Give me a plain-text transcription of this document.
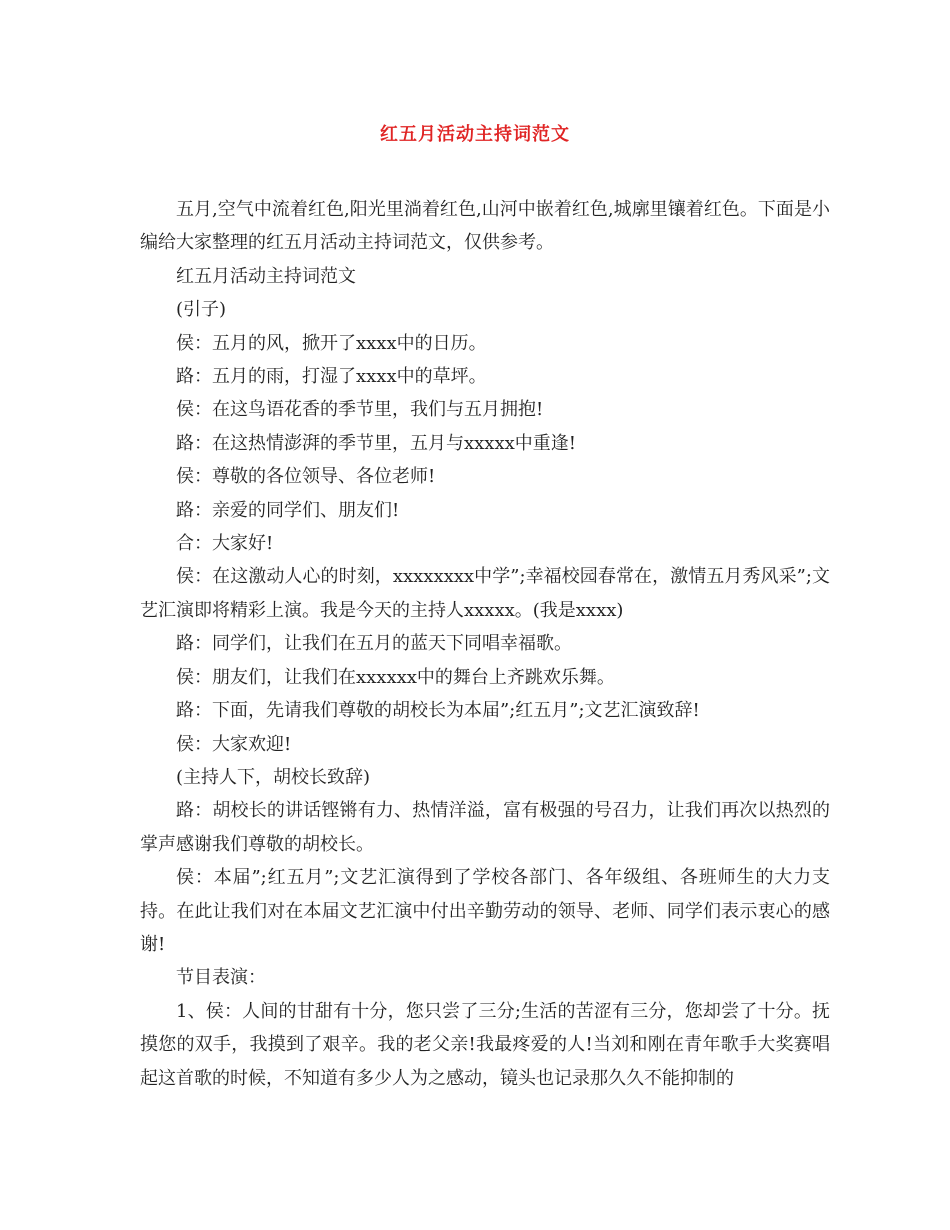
红五月活动主持词范文

五月,空气中流着红色,阳光里淌着红色,山河中嵌着红色,城廓里镶着红色。下面是小编给大家整理的红五月活动主持词范文，仅供参考。

红五月活动主持词范文

(引子)

侯：五月的风，掀开了xxxx中的日历。

路：五月的雨，打湿了xxxx中的草坪。

侯：在这鸟语花香的季节里，我们与五月拥抱!

路：在这热情澎湃的季节里，五月与xxxxx中重逢!

侯：尊敬的各位领导、各位老师!

路：亲爱的同学们、朋友们!

合：大家好!

侯：在这激动人心的时刻，xxxxxxxx中学”;幸福校园春常在，激情五月秀风采”;文艺汇演即将精彩上演。我是今天的主持人xxxxx。(我是xxxx)

路：同学们，让我们在五月的蓝天下同唱幸福歌。

侯：朋友们，让我们在xxxxxx中的舞台上齐跳欢乐舞。

路：下面，先请我们尊敬的胡校长为本届”;红五月”;文艺汇演致辞!

侯：大家欢迎!

(主持人下，胡校长致辞)

路：胡校长的讲话铿锵有力、热情洋溢，富有极强的号召力，让我们再次以热烈的掌声感谢我们尊敬的胡校长。

侯：本届”;红五月”;文艺汇演得到了学校各部门、各年级组、各班师生的大力支持。在此让我们对在本届文艺汇演中付出辛勤劳动的领导、老师、同学们表示衷心的感谢!

节目表演：

1、侯：人间的甘甜有十分，您只尝了三分;生活的苦涩有三分，您却尝了十分。抚摸您的双手，我摸到了艰辛。我的老父亲!我最疼爱的人!当刘和刚在青年歌手大奖赛唱起这首歌的时候，不知道有多少人为之感动，镜头也记录那久久不能抑制的
